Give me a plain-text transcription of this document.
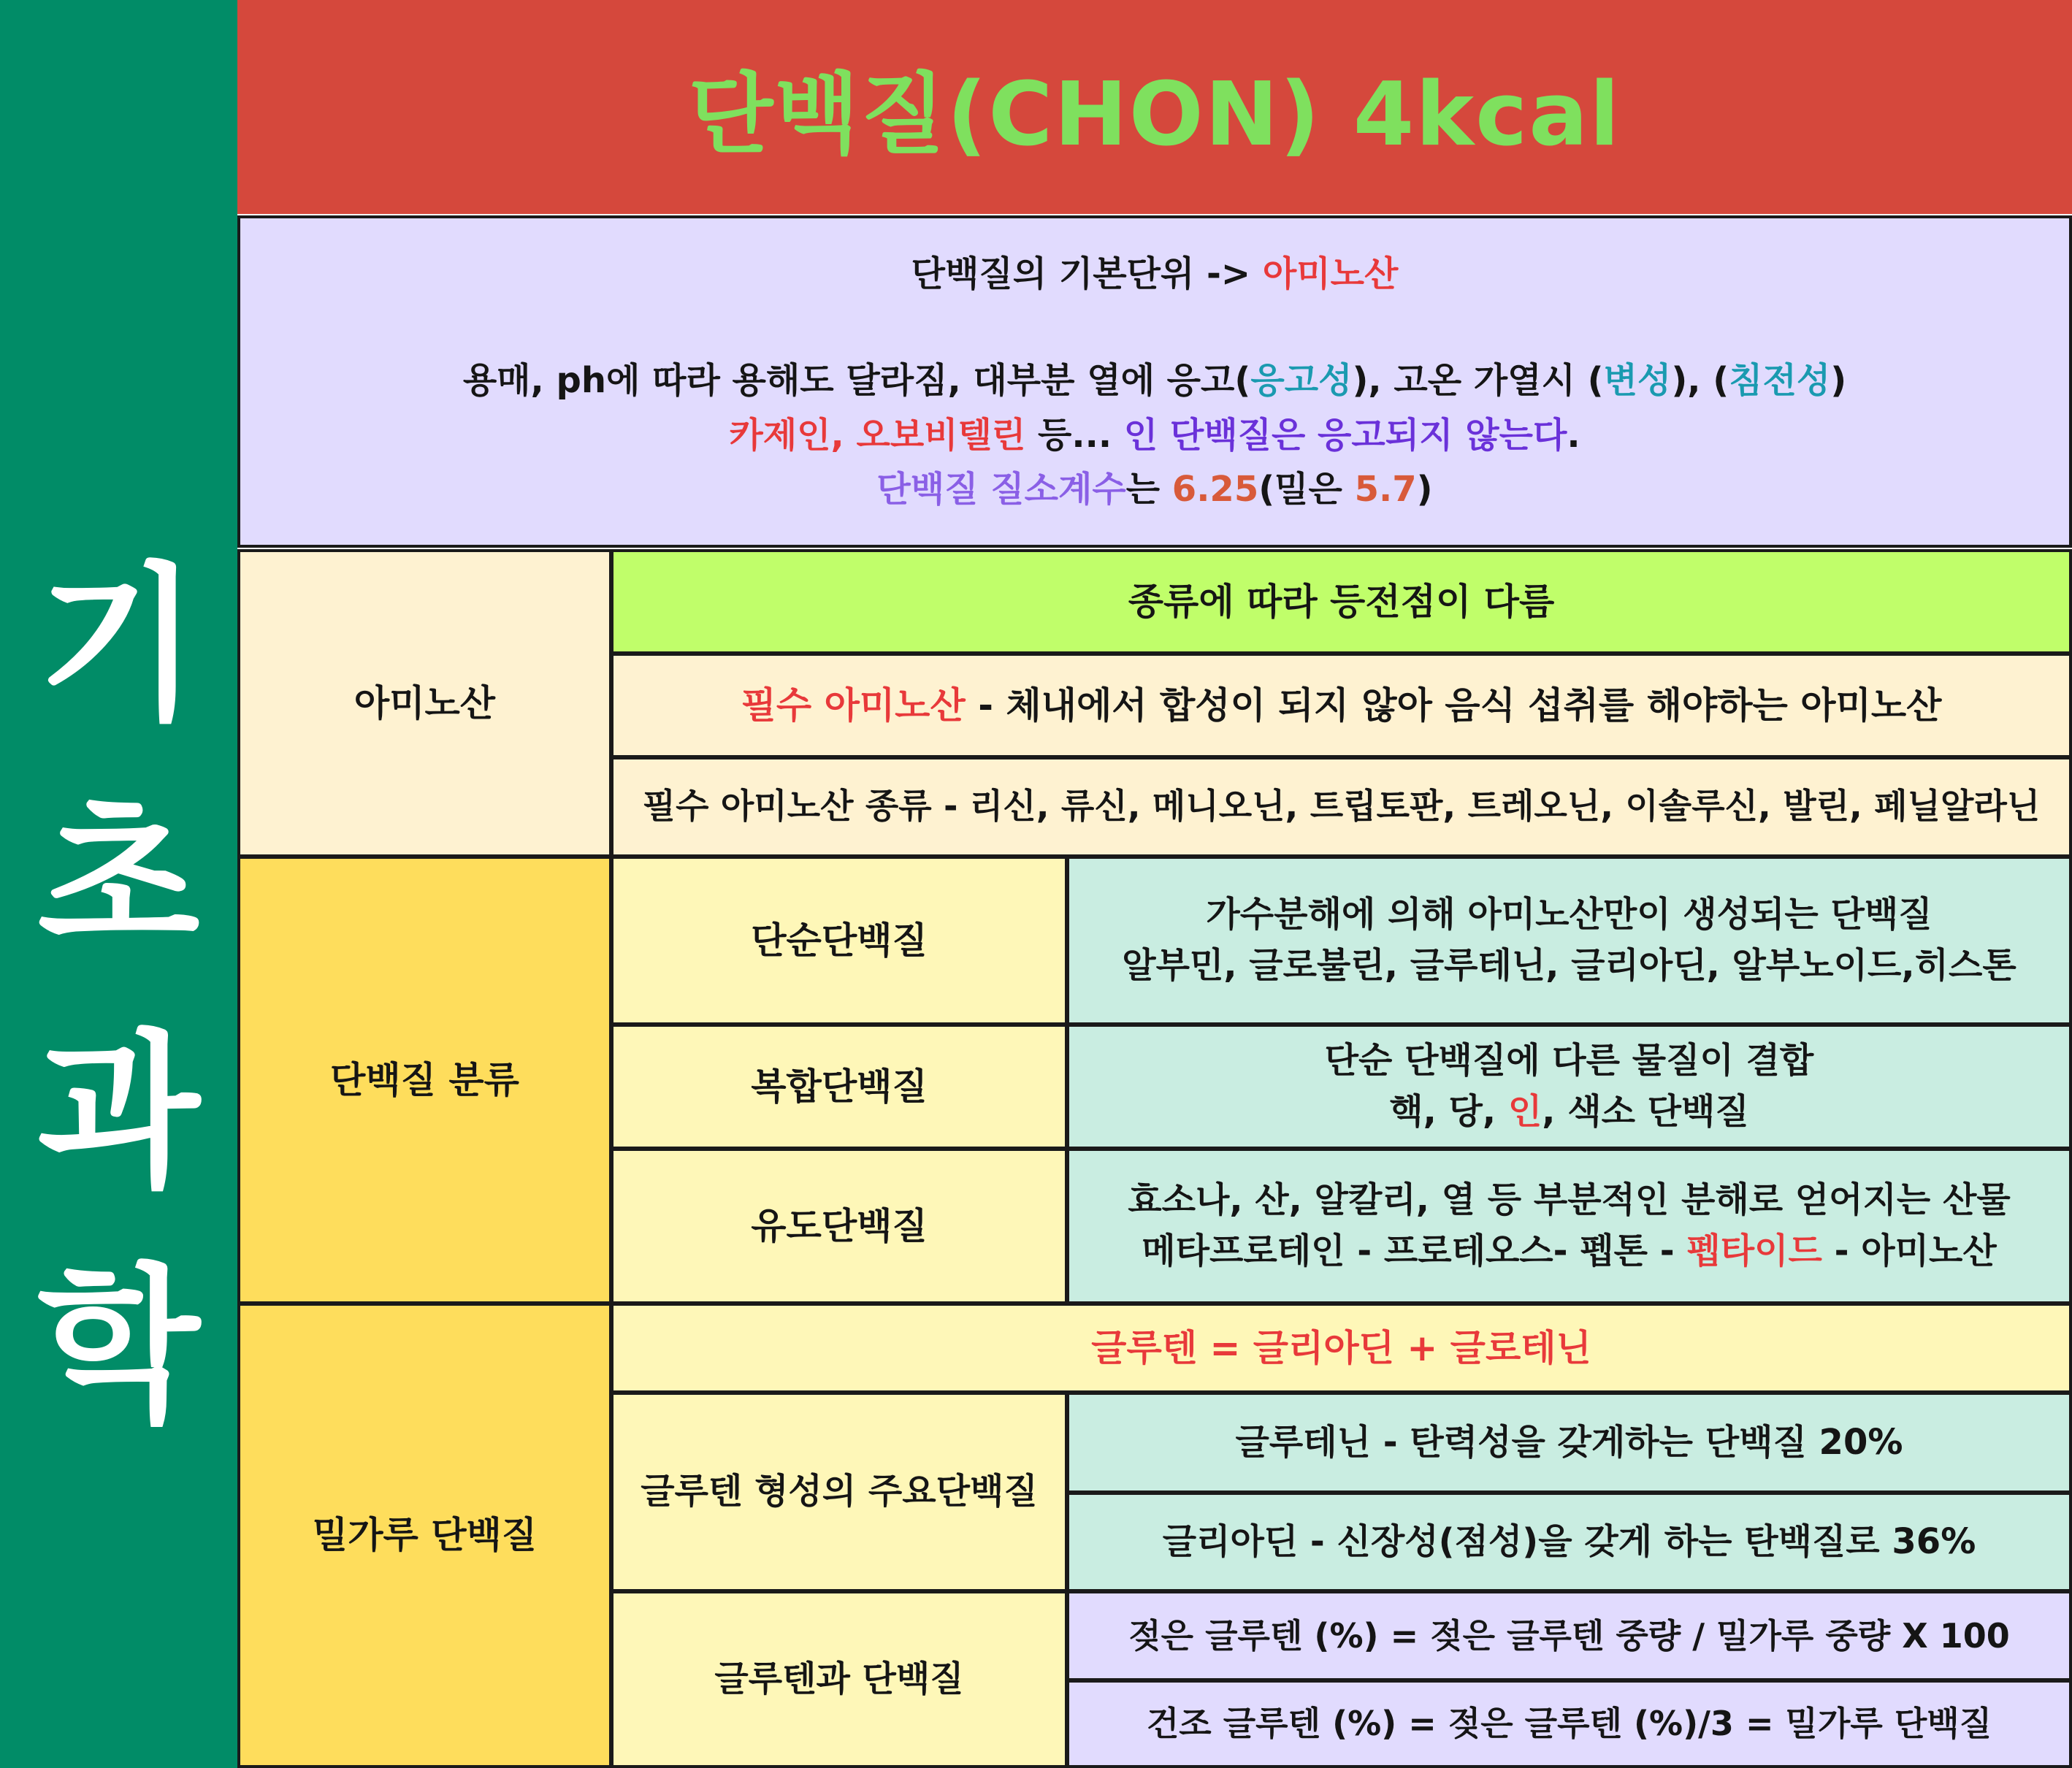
기
초
과
학
단백질(CHON) 4kcal
단백질의 기본단위 -> 아미노산
용매, ph에 따라 용해도 달라짐, 대부분 열에 응고(응고성), 고온 가열시 (변성), (침전성)
카제인, 오보비텔린 등... 인 단백질은 응고되지 않는다.
단백질 질소계수는 6.25(밀은 5.7)
아미노산
종류에 따라 등전점이 다름
필수 아미노산 - 체내에서 합성이 되지 않아 음식 섭취를 해야하는 아미노산
필수 아미노산 종류 - 리신, 류신, 메니오닌, 트립토판, 트레오닌, 이솔루신, 발린, 페닐알라닌
단백질 분류
단순단백질
가수분해에 의해 아미노산만이 생성되는 단백질
알부민, 글로불린, 글루테닌, 글리아딘, 알부노이드,히스톤
복합단백질
단순 단백질에 다른 물질이 결합
핵, 당, 인, 색소 단백질
유도단백질
효소나, 산, 알칼리, 열 등 부분적인 분해로 얻어지는 산물
메타프로테인 - 프로테오스- 펩톤 - 펩타이드 - 아미노산
밀가루 단백질
글루텐 = 글리아딘 + 글로테닌
글루텐 형성의 주요단백질
글루테닌 - 탄력성을 갖게하는 단백질 20%
글리아딘 - 신장성(점성)을 갖게 하는 탄백질로 36%
글루텐과 단백질
젖은 글루텐 (%) = 젖은 글루텐 중량 / 밀가루 중량 X 100
건조 글루텐 (%) = 젖은 글루텐 (%)/3 = 밀가루 단백질
